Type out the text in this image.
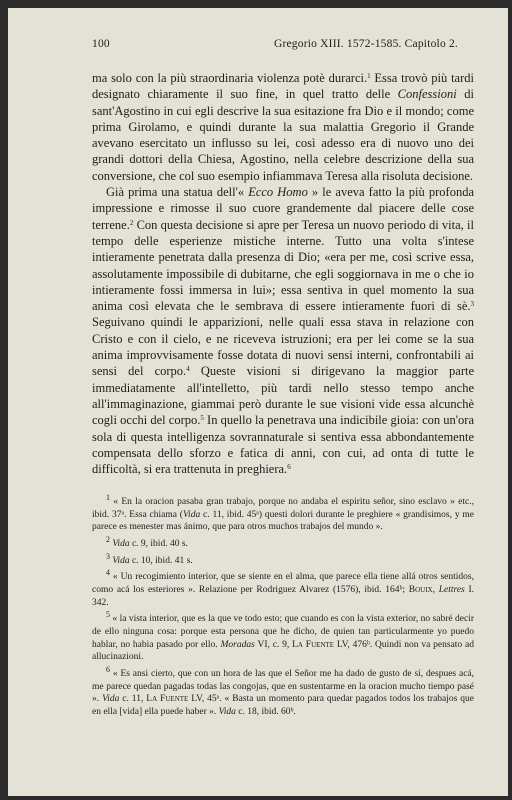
100	Gregorio XIII. 1572-1585. Capitolo 2.

ma solo con la più straordinaria violenza potè durarci.$^1$ Essa trovò più tardi designato chiaramente il suo fine, in quel tratto delle Confessioni di sant'Agostino in cui egli descrive la sua esitazione fra Dio e il mondo; come prima Girolamo, e quindi durante la sua malattia Gregorio il Grande avevano esercitato un influsso su lei, così adesso era di nuovo uno dei grandi dottori della Chiesa, Agostino, nella celebre descrizione della sua conversione, che col suo esempio infiammava Teresa alla risoluta decisione.

Già prima una statua dell'« Ecco Homo » le aveva fatto la più profonda impressione e rimosse il suo cuore grandemente dal piacere delle cose terrene.$^2$ Con questa decisione si apre per Teresa un nuovo periodo di vita, il tempo delle esperienze mistiche interne. Tutto una volta s'intese intieramente penetrata dalla presenza di Dio; «era per me, così scrive essa, assolutamente impossibile di dubitarne, che egli soggiornava in me o che io intieramente fossi immersa in lui»; essa sentiva in quel momento la sua anima così elevata che le sembrava di essere intieramente fuori di sè.$^3$ Seguivano quindi le apparizioni, nelle quali essa stava in relazione con Cristo e con il cielo, e ne riceveva istruzioni; era per lei come se la sua anima improvvisamente fosse dotata di nuovi sensi interni, confrontabili ai sensi del corpo.$^4$ Queste visioni si dirigevano la maggior parte immediatamente all'intelletto, più tardi nello stesso tempo anche all'immaginazione, giammai però durante le sue visioni vide essa alcunchè cogli occhi del corpo.$^5$ In quello la penetrava una indicibile gioia: con un'ora sola di questa intelligenza sovrannaturale si sentiva essa abbondantemente compensata dello sforzo e fatica di anni, con cui, ad onta di tutte le difficoltà, si era trattenuta in preghiera.$^6$

$^1$ « En la oracion pasaba gran trabajo, porque no andaba el espiritu señor, sino esclavo » etc., ibid. 37ᵃ. Essa chiama (Vida c. 11, ibid. 45ᵃ) questi dolori durante le preghiere « grandisimos, y me parece es menester mas ánimo, que para otros muchos trabajos del mundo ».

$^2$ Vida c. 9, ibid. 40 s.

$^3$ Vida c. 10, ibid. 41 s.

$^4$ « Un recogimiento interior, que se siente en el alma, que parece ella tiene allá otros sentidos, como acá los esteriores ». Relazione per Rodriguez Alvarez (1576), ibid. 164ᵇ; Bouix, Lettres I. 342.

$^5$ « la vista interior, que es la que ve todo esto; que cuando es con la vista exterior, no sabré decir de ello ninguna cosa: porque esta persona que he dicho, de quien tan particularmente yo puedo hablar, no habia pasado por ello. Moradas VI, c. 9, La Fuente LV, 476ᵇ. Quindi non va pensato ad allucinazioni.

$^6$ « Es ansi cierto, que con un hora de las que el Señor me ha dado de gusto de sí, despues acá, me parece quedan pagadas todas las congojas, que en sustentarme en la oracion mucho tiempo pasé ». Vida c. 11, La Fuente LV, 45ᵃ. « Basta un momento para quedar pagados todos los trabajos que en ella [vida] ella puede haber ». Vida c. 18, ibid. 60ᵇ.
